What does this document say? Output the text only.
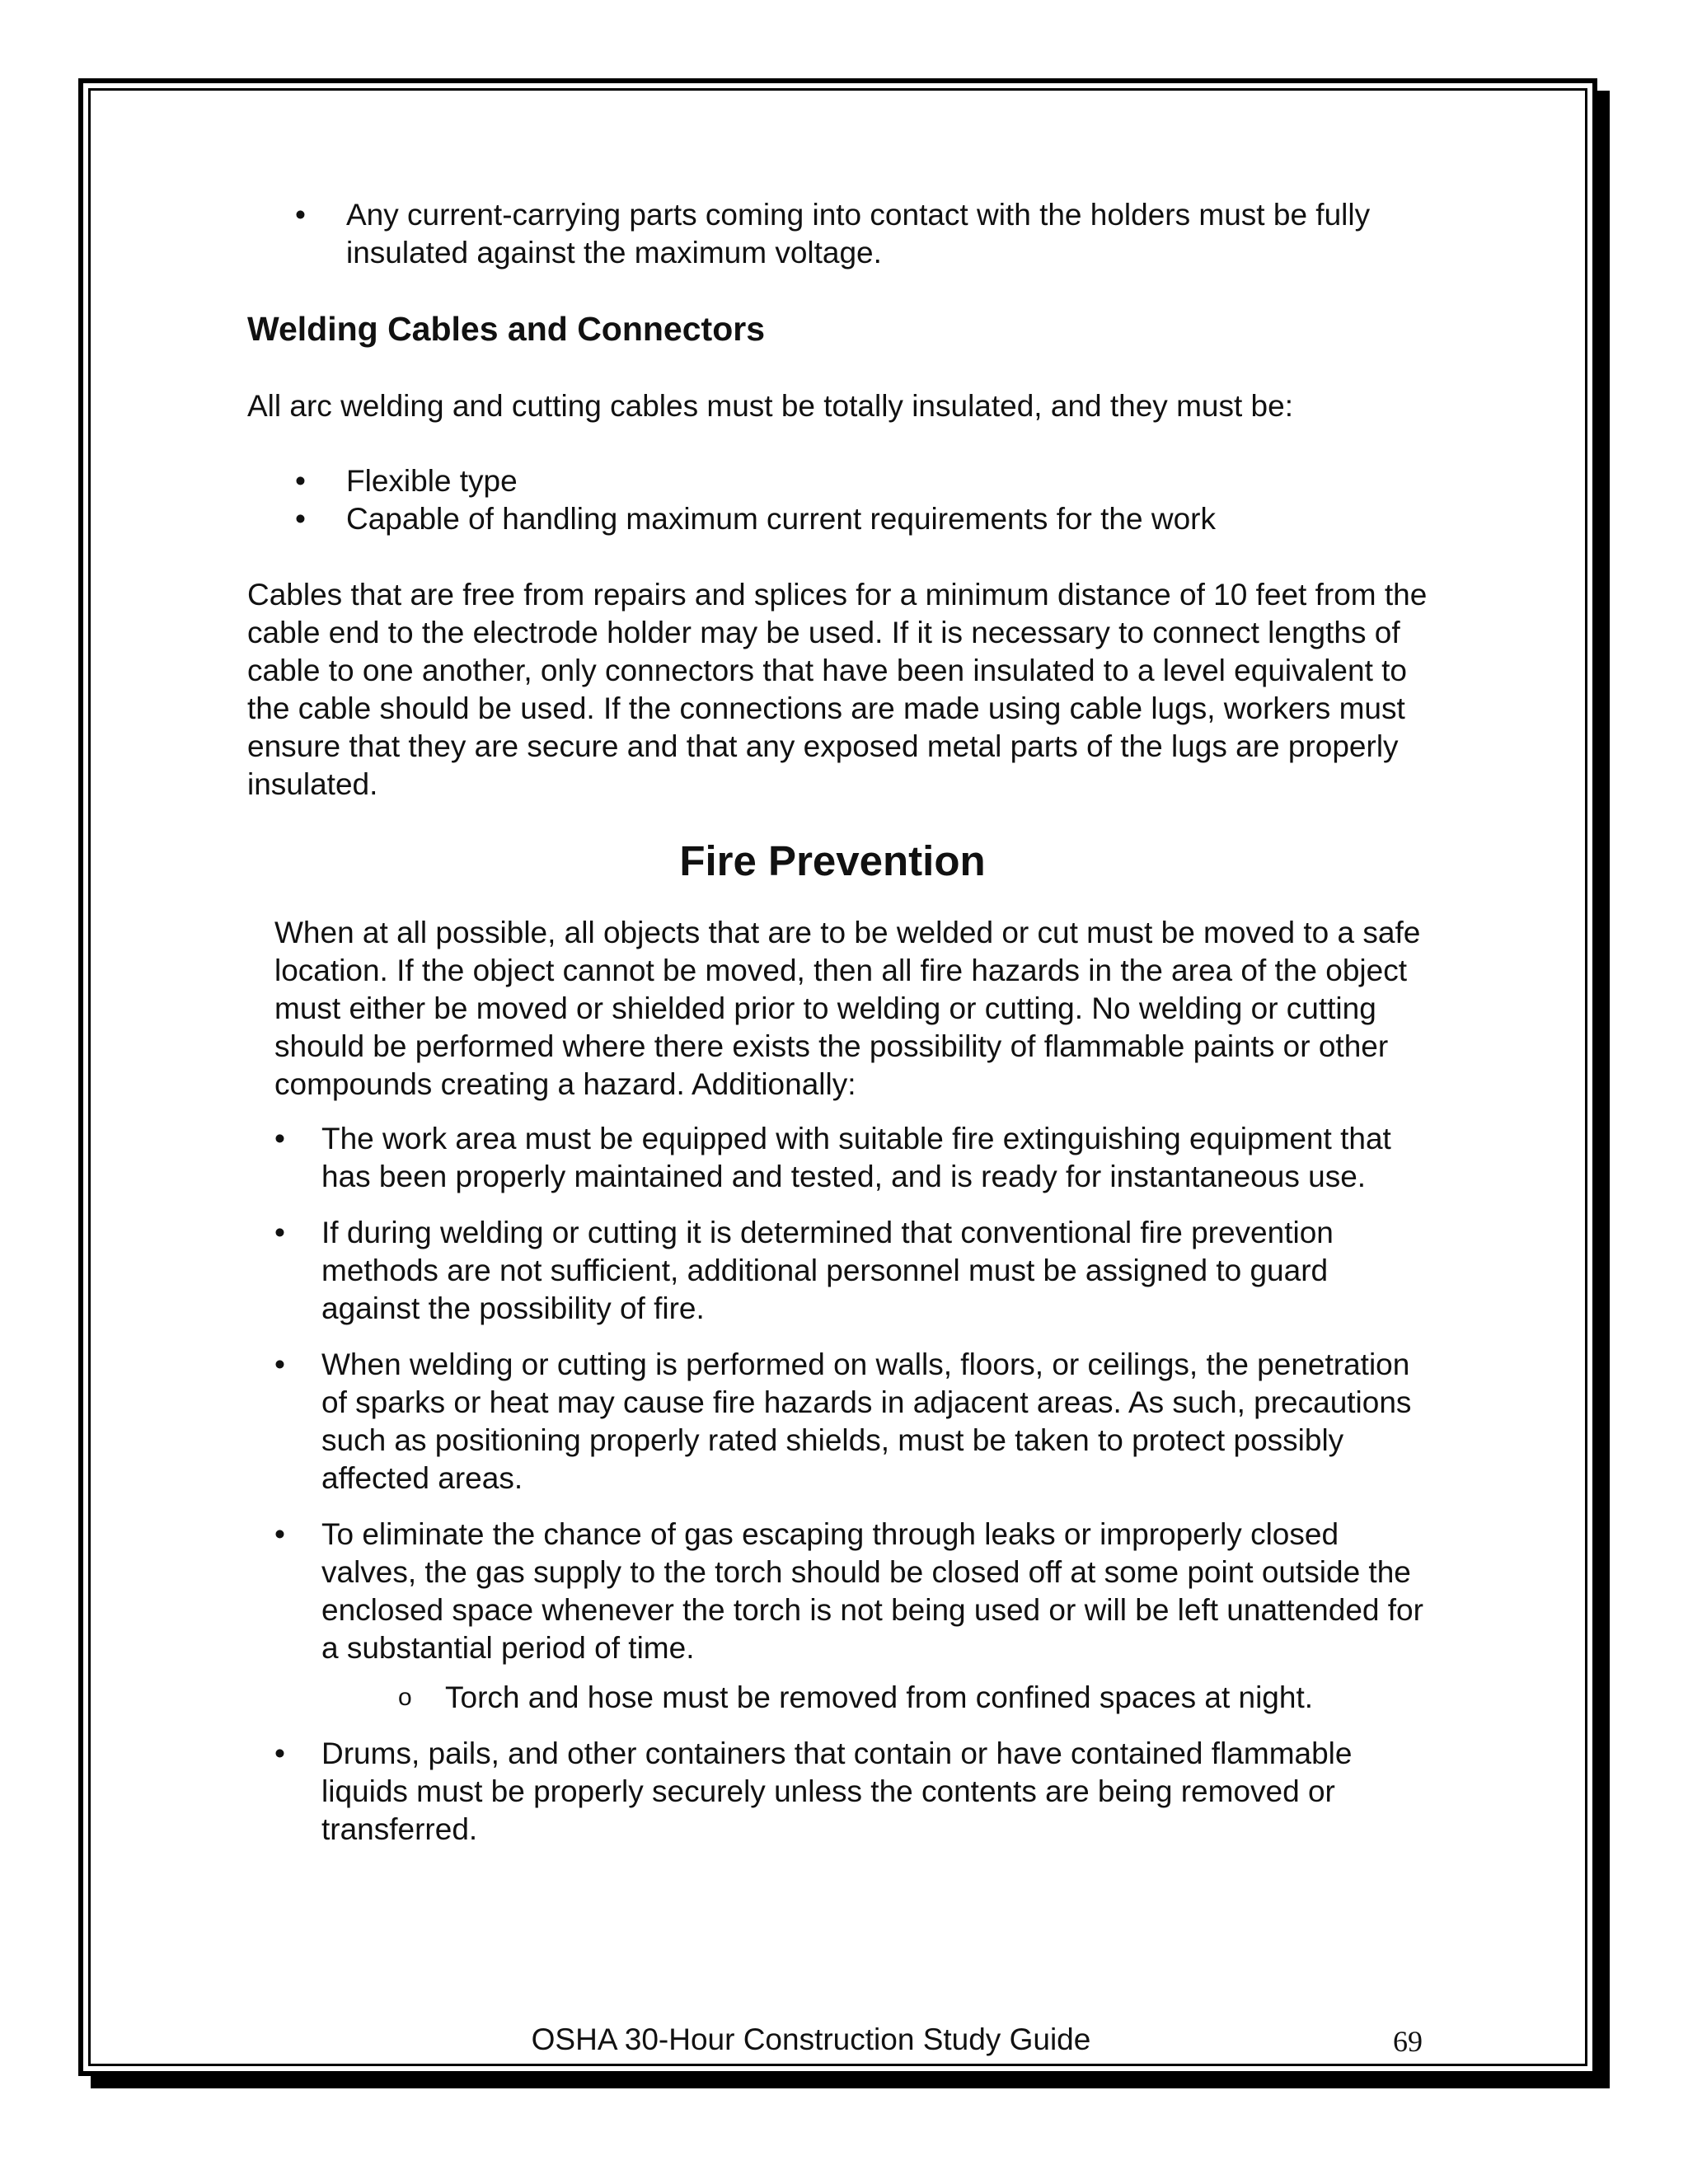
• Any current-carrying parts coming into contact with the holders must be fully insulated against the maximum voltage.
Welding Cables and Connectors
All arc welding and cutting cables must be totally insulated, and they must be:
• Flexible type
• Capable of handling maximum current requirements for the work
Cables that are free from repairs and splices for a minimum distance of 10 feet from the cable end to the electrode holder may be used. If it is necessary to connect lengths of cable to one another, only connectors that have been insulated to a level equivalent to the cable should be used. If the connections are made using cable lugs, workers must ensure that they are secure and that any exposed metal parts of the lugs are properly insulated.
Fire Prevention
When at all possible, all objects that are to be welded or cut must be moved to a safe location. If the object cannot be moved, then all fire hazards in the area of the object must either be moved or shielded prior to welding or cutting. No welding or cutting should be performed where there exists the possibility of flammable paints or other compounds creating a hazard. Additionally:
• The work area must be equipped with suitable fire extinguishing equipment that has been properly maintained and tested, and is ready for instantaneous use.
• If during welding or cutting it is determined that conventional fire prevention methods are not sufficient, additional personnel must be assigned to guard against the possibility of fire.
• When welding or cutting is performed on walls, floors, or ceilings, the penetration of sparks or heat may cause fire hazards in adjacent areas. As such, precautions such as positioning properly rated shields, must be taken to protect possibly affected areas.
• To eliminate the chance of gas escaping through leaks or improperly closed valves, the gas supply to the torch should be closed off at some point outside the enclosed space whenever the torch is not being used or will be left unattended for a substantial period of time.
o Torch and hose must be removed from confined spaces at night.
• Drums, pails, and other containers that contain or have contained flammable liquids must be properly securely unless the contents are being removed or transferred.
OSHA 30-Hour Construction Study Guide	69
